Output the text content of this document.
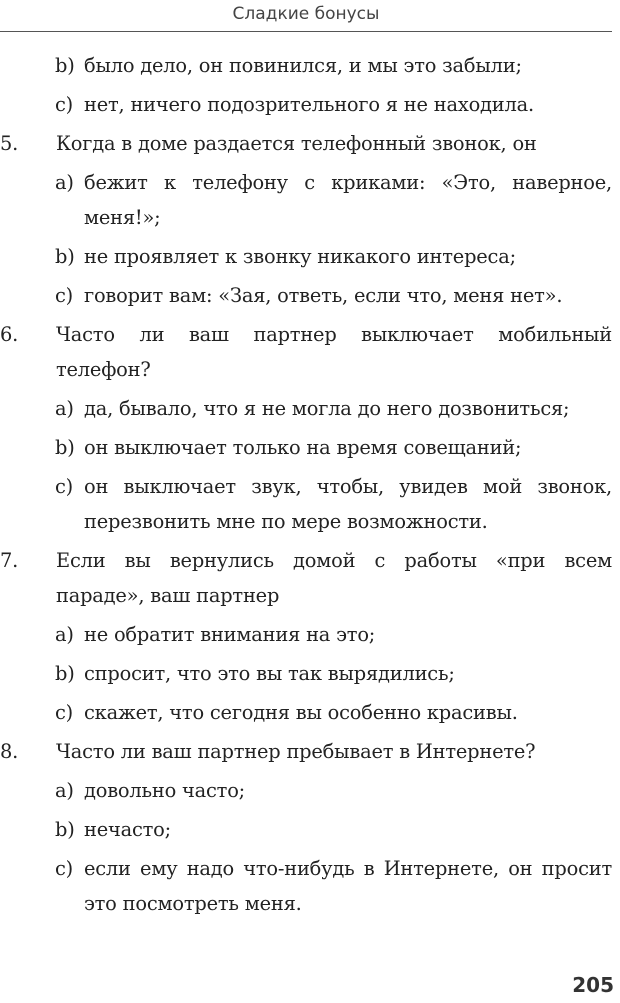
Сладкие бонусы
b) было дело, он повинился, и мы это забыли;
c) нет, ничего подозрительного я не находила.
5. Когда в доме раздается телефонный звонок, он
a) бежит к телефону с криками: «Это, наверное, меня!»;
b) не проявляет к звонку никакого интереса;
c) говорит вам: «Зая, ответь, если что, меня нет».
6. Часто ли ваш партнер выключает мобильный телефон?
a) да, бывало, что я не могла до него дозвониться;
b) он выключает только на время совещаний;
c) он выключает звук, чтобы, увидев мой звонок, перезвонить мне по мере возможности.
7. Если вы вернулись домой с работы «при всем параде», ваш партнер
a) не обратит внимания на это;
b) спросит, что это вы так вырядились;
c) скажет, что сегодня вы особенно красивы.
8. Часто ли ваш партнер пребывает в Интернете?
a) довольно часто;
b) нечасто;
c) если ему надо что-нибудь в Интернете, он просит это посмотреть меня.
205
